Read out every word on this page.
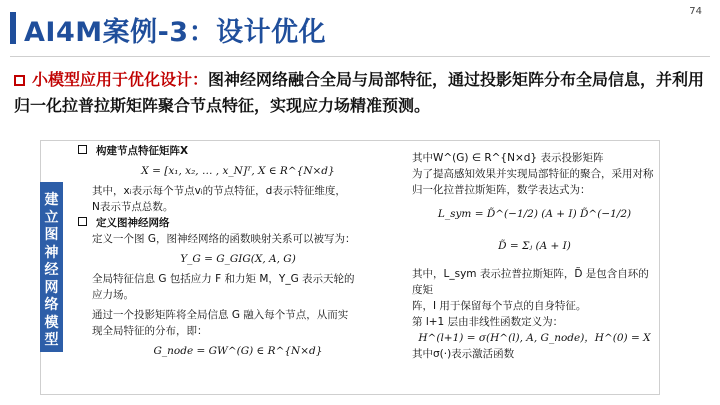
AI4M案例-3：设计优化
74
小模型应用于优化设计：图神经网络融合全局与局部特征，通过投影矩阵分布全局信息，并利用归一化拉普拉斯矩阵聚合节点特征，实现应力场精准预测。
建
立
图
神
经
网
络
模
型
构建节点特征矩阵X
X = [x₁, x₂, … , x_N]ᵀ, X ∈ R^{N×d}
其中，xᵢ表示每个节点vᵢ的节点特征，d表示特征维度，
N表示节点总数。
定义图神经网络
定义一个图 G，图神经网络的函数映射关系可以被写为：
Y_G = G_GIG(X, A, G)
全局特征信息 G 包括应力 F 和力矩 M，Y_G 表示天轮的
应力场。
通过一个投影矩阵将全局信息 G 融入每个节点，从而实
现全局特征的分布，即：
G_node = GW^(G) ∈ R^{N×d}
其中W^(G) ∈ R^{N×d} 表示投影矩阵
为了提高感知效果并实现局部特征的聚合，采用对称
归一化拉普拉斯矩阵，数学表达式为：
L_sym = D̃^(−1/2) (A + I) D̃^(−1/2)
D̃ = Σⱼ (A + I)
其中，L_sym 表示拉普拉斯矩阵，D̃ 是包含自环的度矩
阵，I 用于保留每个节点的自身特征。
第 l+1 层由非线性函数定义为：
H^(l+1) = σ(H^(l), A, G_node)，H^(0) = X
其中σ(·)表示激活函数
